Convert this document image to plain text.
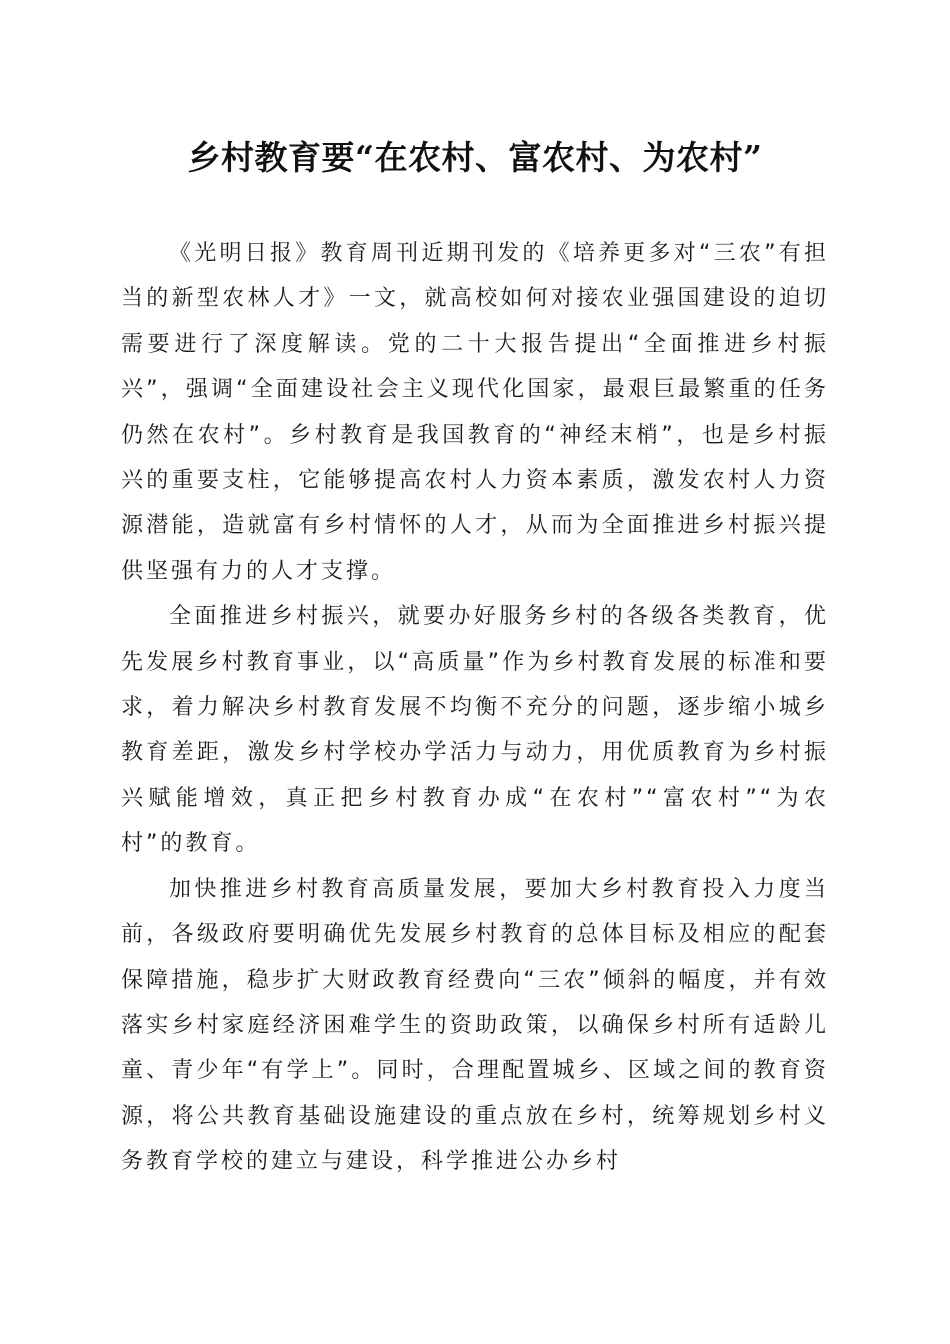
乡村教育要“在农村、富农村、为农村”

《光明日报》教育周刊近期刊发的《培养更多对“三农”有担当的新型农林人才》一文，就高校如何对接农业强国建设的迫切需要进行了深度解读。党的二十大报告提出“全面推进乡村振兴”，强调“全面建设社会主义现代化国家，最艰巨最繁重的任务仍然在农村”。乡村教育是我国教育的“神经末梢”，也是乡村振兴的重要支柱，它能够提高农村人力资本素质，激发农村人力资源潜能，造就富有乡村情怀的人才，从而为全面推进乡村振兴提供坚强有力的人才支撑。

全面推进乡村振兴，就要办好服务乡村的各级各类教育，优先发展乡村教育事业，以“高质量”作为乡村教育发展的标准和要求，着力解决乡村教育发展不均衡不充分的问题，逐步缩小城乡教育差距，激发乡村学校办学活力与动力，用优质教育为乡村振兴赋能增效，真正把乡村教育办成“在农村”“富农村”“为农村”的教育。

加快推进乡村教育高质量发展，要加大乡村教育投入力度当前，各级政府要明确优先发展乡村教育的总体目标及相应的配套保障措施，稳步扩大财政教育经费向“三农”倾斜的幅度，并有效落实乡村家庭经济困难学生的资助政策，以确保乡村所有适龄儿童、青少年“有学上”。同时，合理配置城乡、区域之间的教育资源，将公共教育基础设施建设的重点放在乡村，统筹规划乡村义务教育学校的建立与建设，科学推进公办乡村
